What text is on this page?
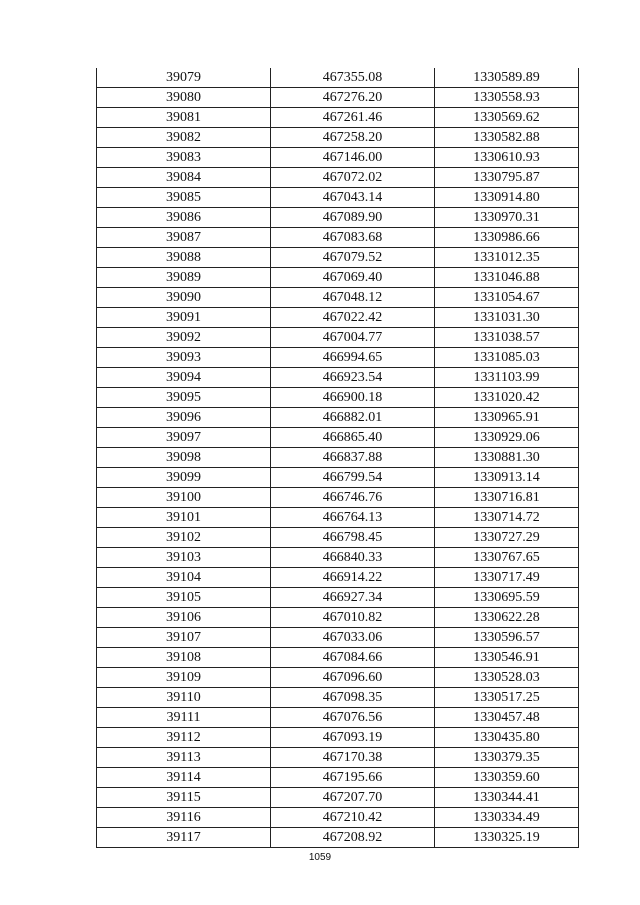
39079	467355.08	1330589.89
39080	467276.20	1330558.93
39081	467261.46	1330569.62
39082	467258.20	1330582.88
39083	467146.00	1330610.93
39084	467072.02	1330795.87
39085	467043.14	1330914.80
39086	467089.90	1330970.31
39087	467083.68	1330986.66
39088	467079.52	1331012.35
39089	467069.40	1331046.88
39090	467048.12	1331054.67
39091	467022.42	1331031.30
39092	467004.77	1331038.57
39093	466994.65	1331085.03
39094	466923.54	1331103.99
39095	466900.18	1331020.42
39096	466882.01	1330965.91
39097	466865.40	1330929.06
39098	466837.88	1330881.30
39099	466799.54	1330913.14
39100	466746.76	1330716.81
39101	466764.13	1330714.72
39102	466798.45	1330727.29
39103	466840.33	1330767.65
39104	466914.22	1330717.49
39105	466927.34	1330695.59
39106	467010.82	1330622.28
39107	467033.06	1330596.57
39108	467084.66	1330546.91
39109	467096.60	1330528.03
39110	467098.35	1330517.25
39111	467076.56	1330457.48
39112	467093.19	1330435.80
39113	467170.38	1330379.35
39114	467195.66	1330359.60
39115	467207.70	1330344.41
39116	467210.42	1330334.49
39117	467208.92	1330325.19
1059
